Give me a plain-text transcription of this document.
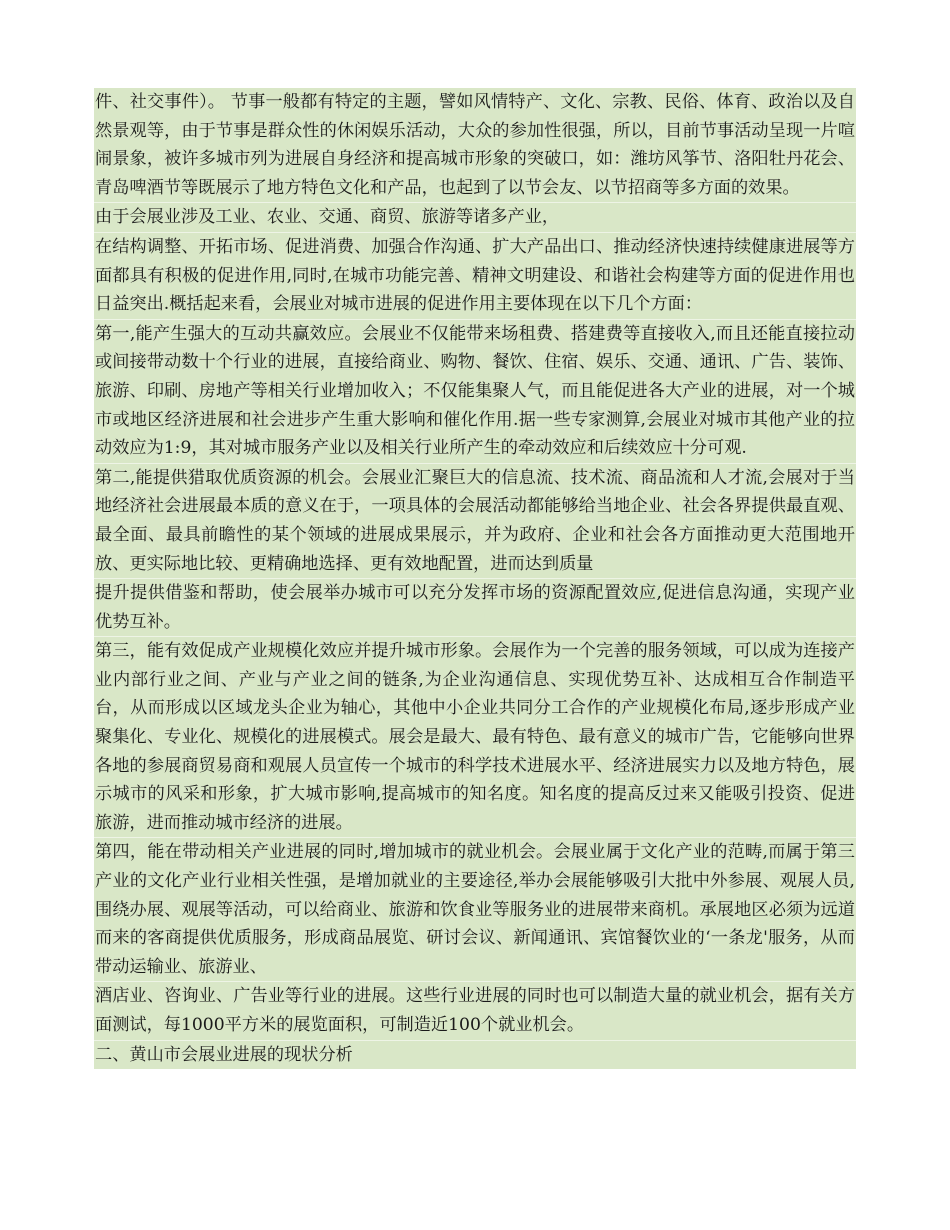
件、社交事件）。 节事一般都有特定的主题，譬如风情特产、文化、宗教、民俗、体育、政治以及自然景观等，由于节事是群众性的休闲娱乐活动，大众的参加性很强，所以，目前节事活动呈现一片喧闹景象，被许多城市列为进展自身经济和提高城市形象的突破口，如：潍坊风筝节、洛阳牡丹花会、青岛啤酒节等既展示了地方特色文化和产品，也起到了以节会友、以节招商等多方面的效果。

由于会展业涉及工业、农业、交通、商贸、旅游等诸多产业，

在结构调整、开拓市场、促进消费、加强合作沟通、扩大产品出口、推动经济快速持续健康进展等方面都具有积极的促进作用,同时,在城市功能完善、精神文明建设、和谐社会构建等方面的促进作用也日益突出.概括起来看，会展业对城市进展的促进作用主要体现在以下几个方面：

第一,能产生强大的互动共赢效应。会展业不仅能带来场租费、搭建费等直接收入,而且还能直接拉动或间接带动数十个行业的进展，直接给商业、购物、餐饮、住宿、娱乐、交通、通讯、广告、装饰、旅游、印刷、房地产等相关行业增加收入；不仅能集聚人气，而且能促进各大产业的进展，对一个城市或地区经济进展和社会进步产生重大影响和催化作用.据一些专家测算,会展业对城市其他产业的拉动效应为1:9，其对城市服务产业以及相关行业所产生的牵动效应和后续效应十分可观.

第二,能提供猎取优质资源的机会。会展业汇聚巨大的信息流、技术流、商品流和人才流,会展对于当地经济社会进展最本质的意义在于，一项具体的会展活动都能够给当地企业、社会各界提供最直观、最全面、最具前瞻性的某个领域的进展成果展示，并为政府、企业和社会各方面推动更大范围地开放、更实际地比较、更精确地选择、更有效地配置，进而达到质量

提升提供借鉴和帮助，使会展举办城市可以充分发挥市场的资源配置效应,促进信息沟通，实现产业优势互补。

第三，能有效促成产业规模化效应并提升城市形象。会展作为一个完善的服务领域，可以成为连接产业内部行业之间、产业与产业之间的链条,为企业沟通信息、实现优势互补、达成相互合作制造平台，从而形成以区域龙头企业为轴心，其他中小企业共同分工合作的产业规模化布局,逐步形成产业聚集化、专业化、规模化的进展模式。展会是最大、最有特色、最有意义的城市广告，它能够向世界各地的参展商贸易商和观展人员宣传一个城市的科学技术进展水平、经济进展实力以及地方特色，展示城市的风采和形象，扩大城市影响,提高城市的知名度。知名度的提高反过来又能吸引投资、促进旅游，进而推动城市经济的进展。

第四，能在带动相关产业进展的同时,增加城市的就业机会。会展业属于文化产业的范畴,而属于第三产业的文化产业行业相关性强，是增加就业的主要途径,举办会展能够吸引大批中外参展、观展人员,围绕办展、观展等活动，可以给商业、旅游和饮食业等服务业的进展带来商机。承展地区必须为远道而来的客商提供优质服务，形成商品展览、研讨会议、新闻通讯、宾馆餐饮业的‘一条龙'服务，从而带动运输业、旅游业、

酒店业、咨询业、广告业等行业的进展。这些行业进展的同时也可以制造大量的就业机会，据有关方面测试，每1000平方米的展览面积，可制造近100个就业机会。

二、黄山市会展业进展的现状分析
